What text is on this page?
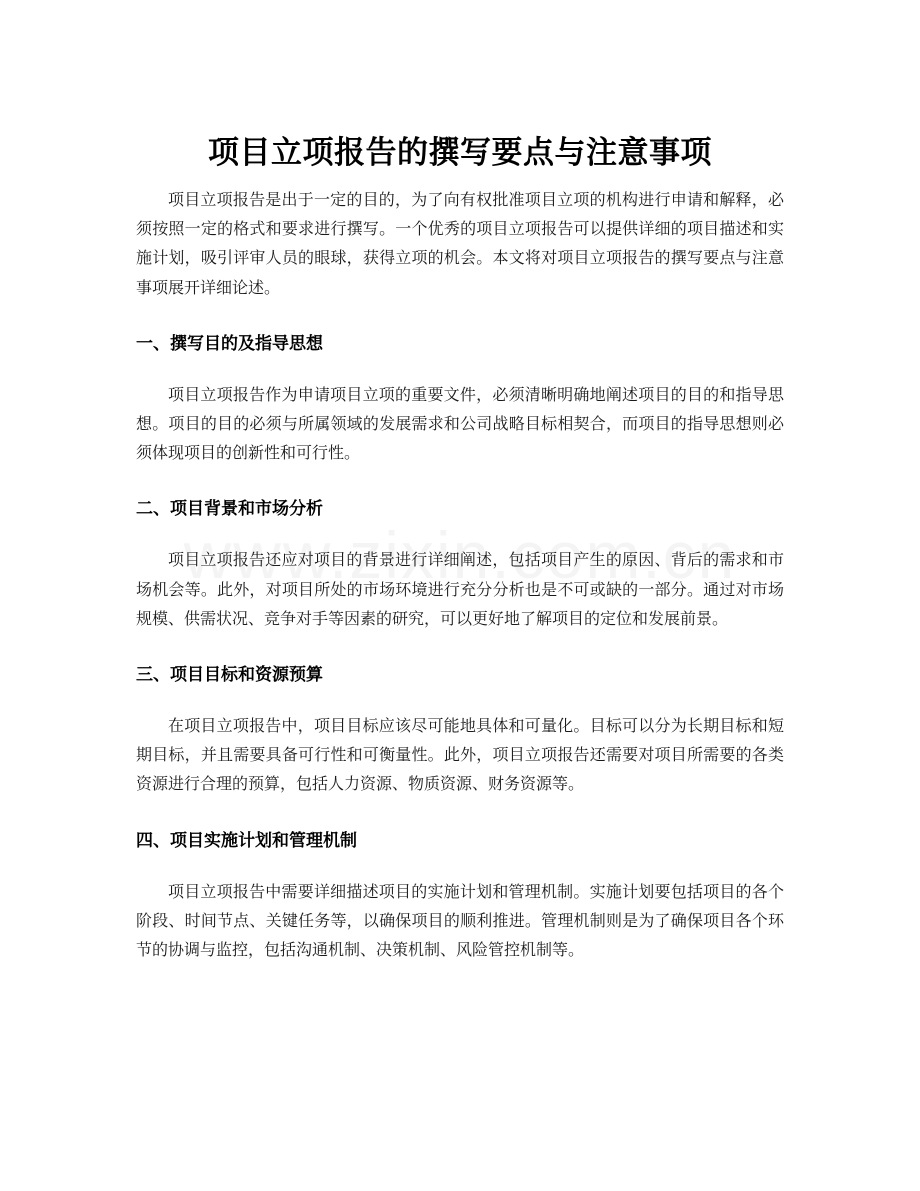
项目立项报告的撰写要点与注意事项

项目立项报告是出于一定的目的，为了向有权批准项目立项的机构进行申请和解释，必须按照一定的格式和要求进行撰写。一个优秀的项目立项报告可以提供详细的项目描述和实施计划，吸引评审人员的眼球，获得立项的机会。本文将对项目立项报告的撰写要点与注意事项展开详细论述。

一、撰写目的及指导思想

项目立项报告作为申请项目立项的重要文件，必须清晰明确地阐述项目的目的和指导思想。项目的目的必须与所属领域的发展需求和公司战略目标相契合，而项目的指导思想则必须体现项目的创新性和可行性。

二、项目背景和市场分析

项目立项报告还应对项目的背景进行详细阐述，包括项目产生的原因、背后的需求和市场机会等。此外，对项目所处的市场环境进行充分分析也是不可或缺的一部分。通过对市场规模、供需状况、竞争对手等因素的研究，可以更好地了解项目的定位和发展前景。

三、项目目标和资源预算

在项目立项报告中，项目目标应该尽可能地具体和可量化。目标可以分为长期目标和短期目标，并且需要具备可行性和可衡量性。此外，项目立项报告还需要对项目所需要的各类资源进行合理的预算，包括人力资源、物质资源、财务资源等。

四、项目实施计划和管理机制

项目立项报告中需要详细描述项目的实施计划和管理机制。实施计划要包括项目的各个阶段、时间节点、关键任务等，以确保项目的顺利推进。管理机制则是为了确保项目各个环节的协调与监控，包括沟通机制、决策机制、风险管控机制等。
